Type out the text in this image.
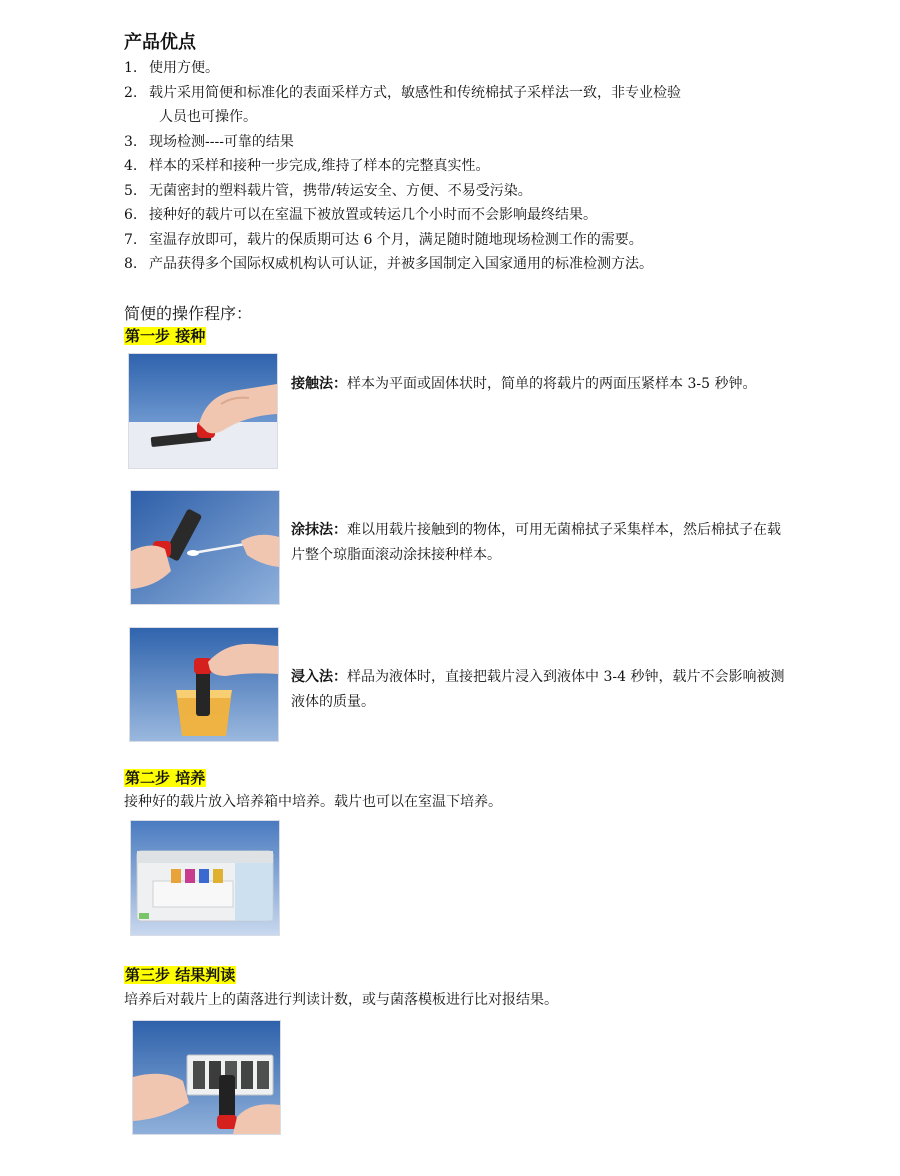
产品优点
1. 使用方便。
2. 载片采用简便和标准化的表面采样方式，敏感性和传统棉拭子采样法一致，非专业检验
人员也可操作。
3. 现场检测----可靠的结果
4. 样本的采样和接种一步完成,维持了样本的完整真实性。
5. 无菌密封的塑料载片管，携带/转运安全、方便、不易受污染。
6. 接种好的载片可以在室温下被放置或转运几个小时而不会影响最终结果。
7. 室温存放即可，载片的保质期可达 6 个月，满足随时随地现场检测工作的需要。
8. 产品获得多个国际权威机构认可认证，并被多国制定入国家通用的标准检测方法。
简便的操作程序：
第一步 接种
接触法：样本为平面或固体状时，简单的将载片的两面压紧样本 3-5 秒钟。
涂抹法：难以用载片接触到的物体，可用无菌棉拭子采集样本，然后棉拭子在载片整个琼脂面滚动涂抹接种样本。
浸入法：样品为液体时，直接把载片浸入到液体中 3-4 秒钟，载片不会影响被测液体的质量。
第二步 培养
接种好的载片放入培养箱中培养。载片也可以在室温下培养。
第三步 结果判读
培养后对载片上的菌落进行判读计数，或与菌落模板进行比对报结果。
